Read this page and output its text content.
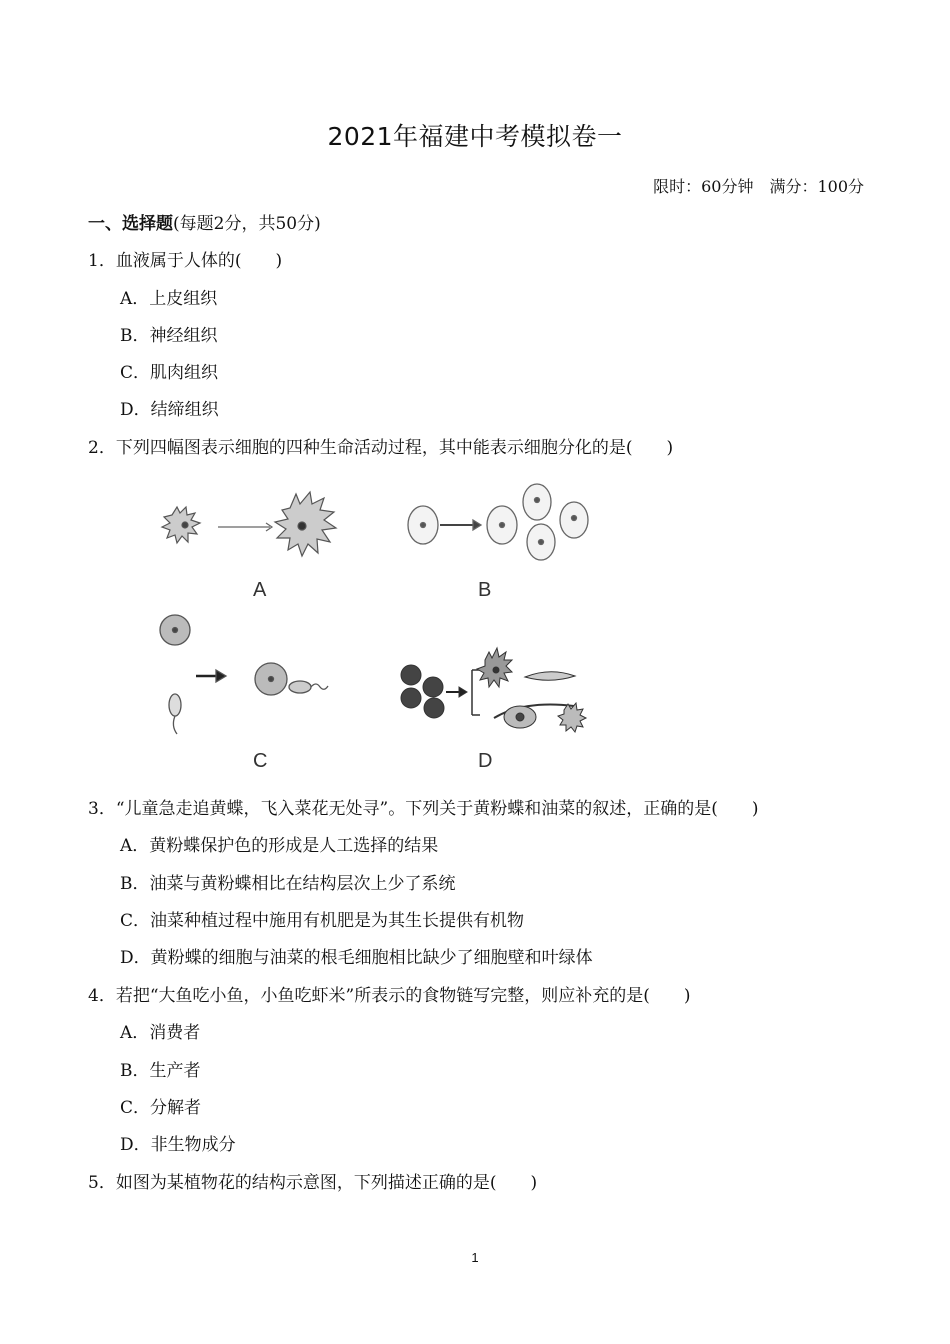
2021年福建中考模拟卷一
限时：60分钟　满分：100分
一、选择题(每题2分，共50分)
1．血液属于人体的(　　)
A．上皮组织
B．神经组织
C．肌肉组织
D．结缔组织
2．下列四幅图表示细胞的四种生命活动过程，其中能表示细胞分化的是(　　)
A	B
C	D
3．“儿童急走追黄蝶，飞入菜花无处寻”。下列关于黄粉蝶和油菜的叙述，正确的是(　　)
A．黄粉蝶保护色的形成是人工选择的结果
B．油菜与黄粉蝶相比在结构层次上少了系统
C．油菜种植过程中施用有机肥是为其生长提供有机物
D．黄粉蝶的细胞与油菜的根毛细胞相比缺少了细胞壁和叶绿体
4．若把“大鱼吃小鱼，小鱼吃虾米”所表示的食物链写完整，则应补充的是(　　)
A．消费者
B．生产者
C．分解者
D．非生物成分
5．如图为某植物花的结构示意图，下列描述正确的是(　　)
1
